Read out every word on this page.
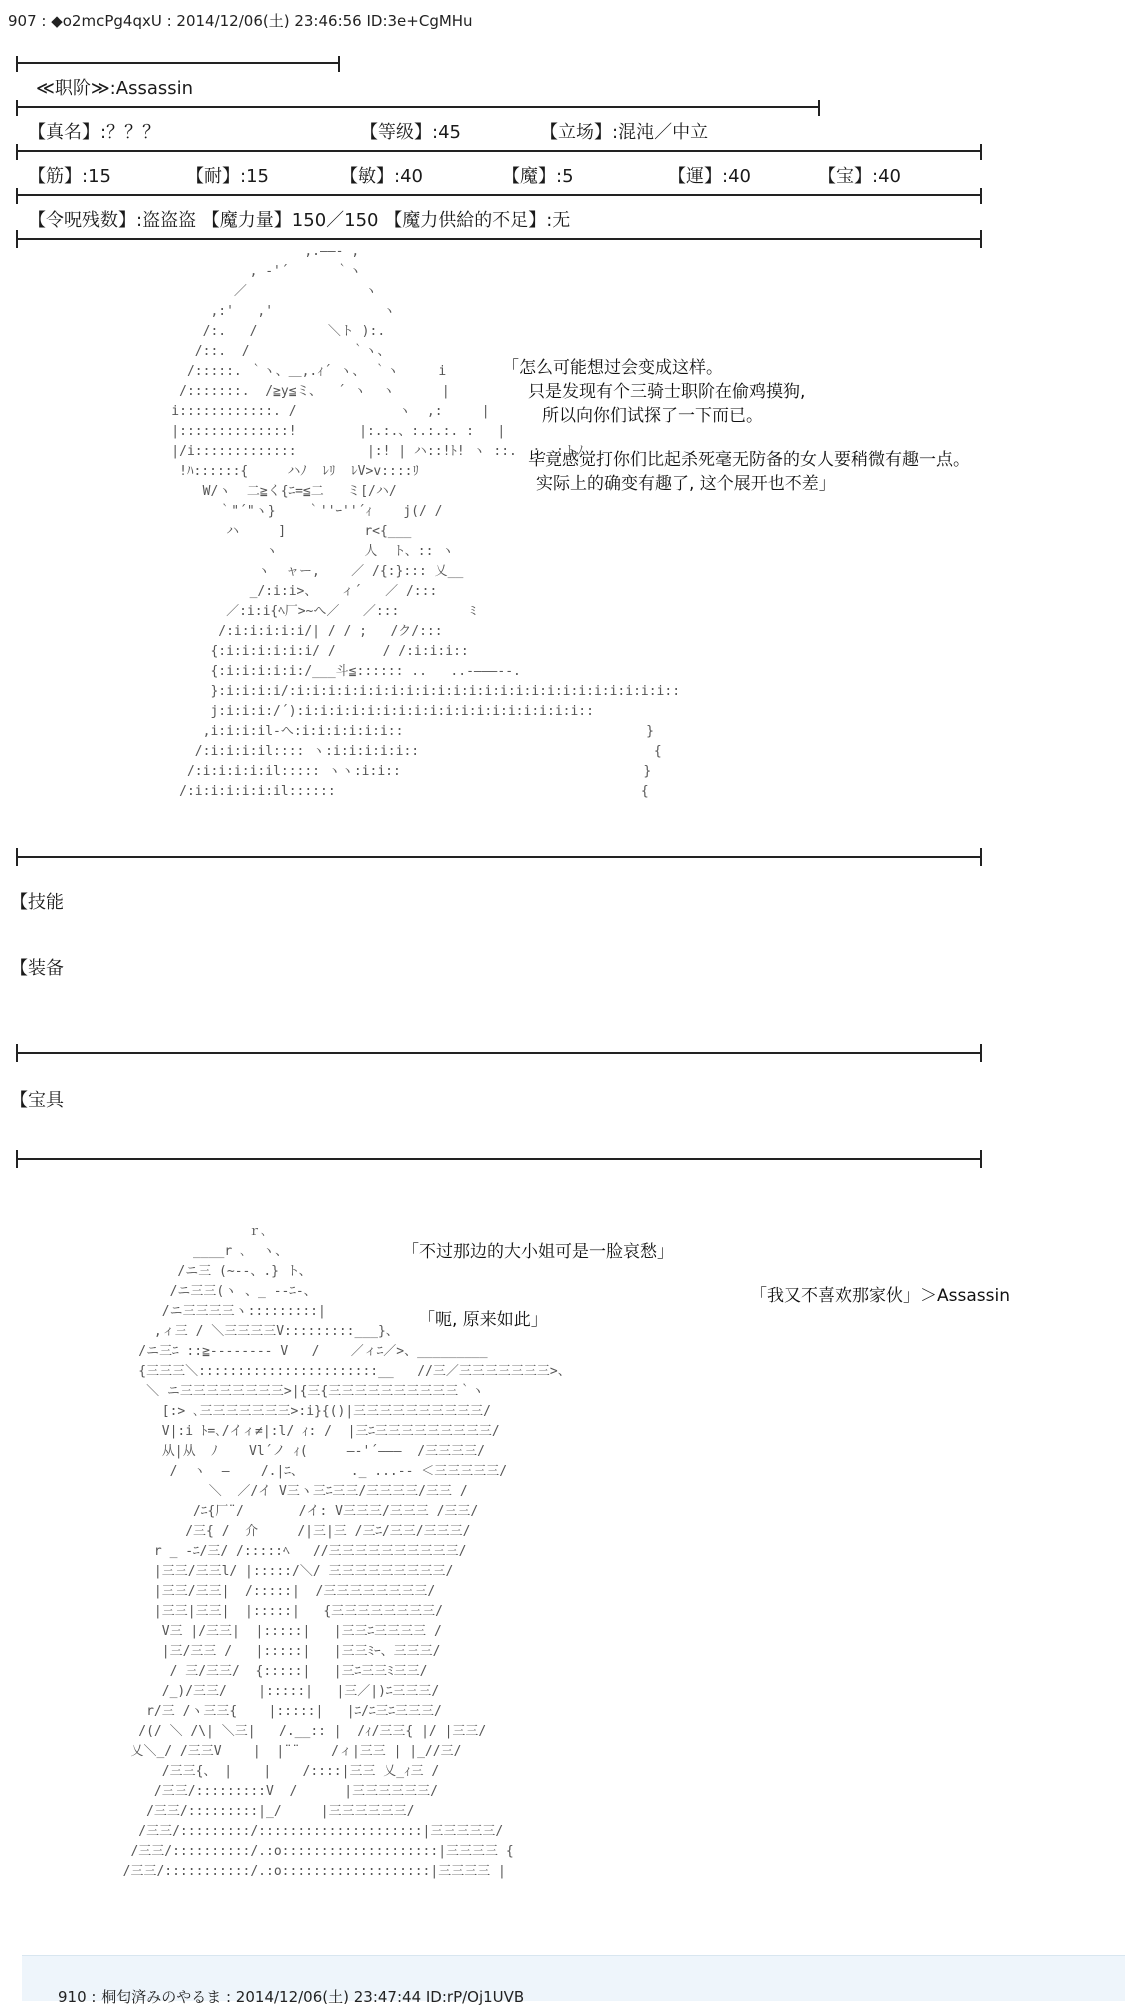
907 : ◆o2mcPg4qxU : 2014/12/06(土) 23:46:56 ID:3e+CgMHu
≪职阶≫:Assassin
【真名】:？？？	【等级】:45	【立场】:混沌／中立
【筋】:15	【耐】:15	【敏】:40	【魔】:5	【運】:40	【宝】:40
【令呪残数】:盗盗盗 【魔力量】150／150 【魔力供給的不足】:无
,.――- ,
, ‐'´      ｀ヽ
／               ヽ
,:'   ,'              ヽ
/:.   /         ＼ト ):.
/::.  /             ｀ヽ、
/:::::. ｀ヽ、＿,.ｨ´ ヽ、 ｀ヽ     i
/:::::::.  /≧y≦ミ、  ´ ヽ  ヽ      |
i::::::::::::. /             ヽ  ,:     |
|::::::::::::::!        |:.:.、:.:.:. :   |
|/i:::::::::::::         |:! | ハ::!ﾄ! ヽ ::.  :. :トﾉ
!ﾊ::::::{     ハﾉ  ﾚﾘ  ﾚV>v::::ﾘ
W/ヽ  二≧く{ﾆ=≦二   ミ[/ハ/
｀"´"ヽ}    ｀''ｰ''´ｨ    j(/ /
ハ     ]          r<{___
ヽ           人  ト、:: ヽ
ヽ  ャー,    ／ /{:}::: 乂__
_/:i:i>、   ィ´   ／ /:::
／:i:i{ﾍ厂>~へ／   ／:::         ﾐ
/:i:i:i:i:i/| / / ;   /ク/:::
{:i:i:i:i:i:i/ /      / /:i:i:i::
{:i:i:i:i:i:/___斗≦:::::: ..   ..-―――--.
}:i:i:i:i/:i:i:i:i:i:i:i:i:i:i:i:i:i:i:i:i:i:i:i:i:i:i:i:i::
j:i:i:i:/´):i:i:i:i:i:i:i:i:i:i:i:i:i:i:i:i:i:i::
,i:i:i:il-へ:i:i:i:i:i:i::                               }
/:i:i:i:il:::: ヽ:i:i:i:i:i::                              {
/:i:i:i:i:il::::: ヽヽ:i:i::                               }
/:i:i:i:i:i:il::::::                                       {

「怎么可能想过会变成这样。
只是发现有个三骑士职阶在偷鸡摸狗,
所以向你们试探了一下而已。
毕竟感觉打你们比起杀死毫无防备的女人要稍微有趣一点。
实际上的确变有趣了, 这个展开也不差」
【技能
【装备
【宝具
ｒ､
____r ､  ヽ、
/ニ三 (~‐-、.} ト、
/ニ三三(ヽ 、_ -‐ﾆ‐、
/ニ三三三三ヽ:::::::::|
,ィ三 / ＼三三三三V:::::::::___}、
/ニ三ﾆ ::≧-------- V   /    ／ィﾆ／>、_________
{三三三＼:::::::::::::::::::::::__   //三／三三三三三三三>、
＼ ニ三三三三三三三三>|{三{三三三三三三三三三三｀ヽ
[:> ､三三三三三三三>:i}{()|三三三三三三三三三三/
V|:i ﾄ=､/イィ≠|:l/ ｨ: /  |三ﾆ三三三三三三三三三/
从|从  ﾉ    Vl´ノ ｨ(     ―‐'´―――  /三三三三/
/  ヽ  ―    /.|ﾆ、      ._ ...-‐ ＜三三三三三/
＼  ／/イ V三ヽ三ﾆ三三/三三三三/三三 /
/ﾆ{厂¨/       /イ: V三三三/三三三 /三三/
/三{ /  介     /|三|三 /三ﾆ/三三/三三三/
r _ -ﾆ/三/ /:::::ﾍ   //三三三三三三三三三三/
|三三/三三l/ |:::::/＼/ 三三三三三三三三三/
|三三/三三|  /:::::|  /三三三三三三三三/
|三三|三三|  |:::::|   {三三三三三三三三/
V三 |/三三|  |:::::|   |三三ﾆ三三三三 /
|三/三三 /   |:::::|   |三三ﾐｰ、三三三/
/ 三/三三/  {:::::|   |三ﾆ三三ﾐ三三/
/_)/三三/    |:::::|   |三／|)ﾆ三三三/
r/三 /ヽ三三{    |:::::|   |ﾆ/ﾆ三ﾆ三三三/
/(/ ＼ /\| ＼三|   /.__:: |  /ｨ/三三{ |/ |三三/
乂＼_/ /三三V    |  |¨¨    /ィ|三三 | |_//三/
/三三{、 |    |    /::::|三三 乂_ｨ三 /
/三三/:::::::::V  /      |三三三三三三/
/三三/:::::::::|_/     |三三三三三三/
/三三/:::::::::/:::::::::::::::::::::|三三三三三/
/三三/::::::::::/.:o::::::::::::::::::::|三三三三 {
/三三/:::::::::::/.:o:::::::::::::::::::|三三三三 |

「不过那边的大小姐可是一脸哀愁」
「我又不喜欢那家伙」＞Assassin
「呃, 原来如此」
910 : 桐匂済みのやるま : 2014/12/06(土) 23:47:44 ID:rP/Oj1UVB
